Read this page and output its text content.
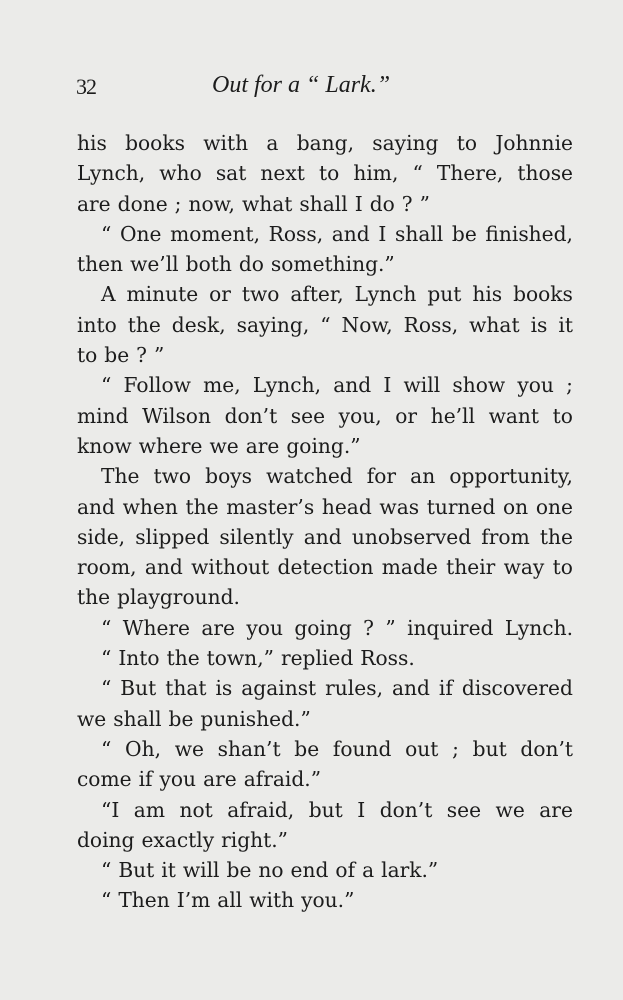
32	Out for a “ Lark.”
his books with a bang, saying to Johnnie
Lynch, who sat next to him, “ There, those
are done ; now, what shall I do ? ”
“ One moment, Ross, and I shall be finished,
then we’ll both do something.”
A minute or two after, Lynch put his books
into the desk, saying, “ Now, Ross, what is it
to be ? ”
“ Follow me, Lynch, and I will show you ;
mind Wilson don’t see you, or he’ll want to
know where we are going.”
The two boys watched for an opportunity,
and when the master’s head was turned on one
side, slipped silently and unobserved from the
room, and without detection made their way to
the playground.
“ Where are you going ? ” inquired Lynch.
“ Into the town,” replied Ross.
“ But that is against rules, and if discovered
we shall be punished.”
“ Oh, we shan’t be found out ; but don’t
come if you are afraid.”
“I am not afraid, but I don’t see we are
doing exactly right.”
“ But it will be no end of a lark.”
“ Then I’m all with you.”
